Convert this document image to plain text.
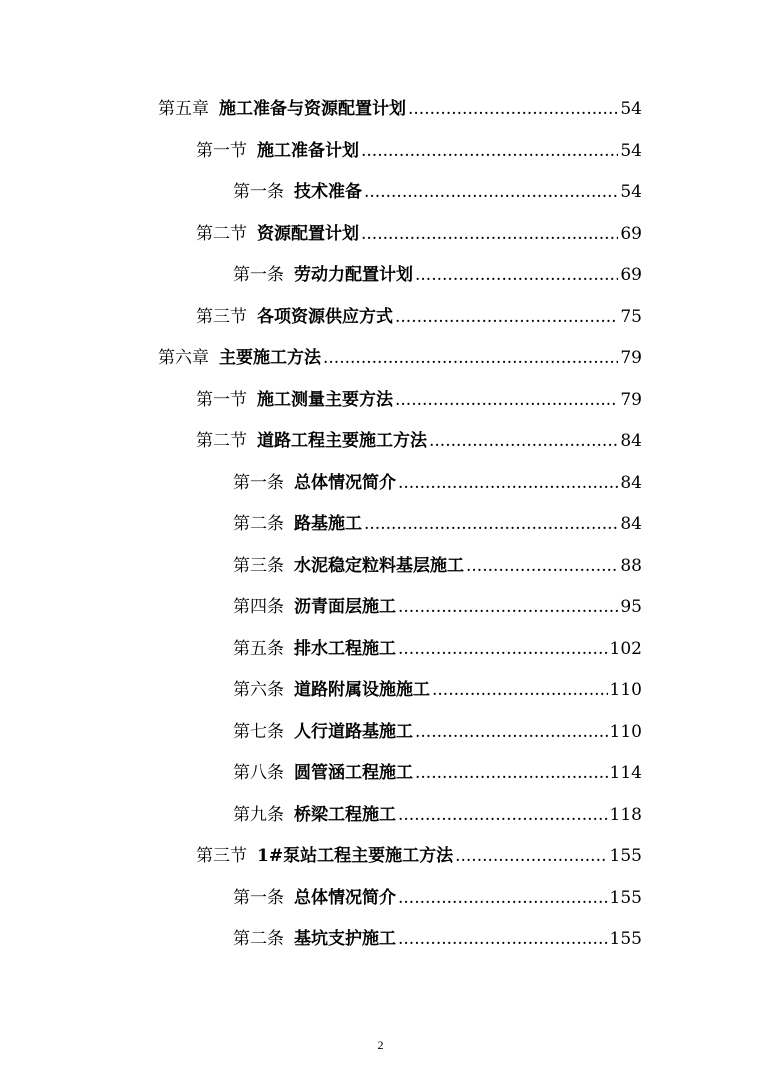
第五章 施工准备与资源配置计划 .....	54
第一节 施工准备计划 .....	54
第一条 技术准备 .....	54
第二节 资源配置计划 .....	69
第一条 劳动力配置计划 .....	69
第三节 各项资源供应方式 .....	75
第六章 主要施工方法 .....	79
第一节 施工测量主要方法 .....	79
第二节 道路工程主要施工方法 .....	84
第一条 总体情况简介 .....	84
第二条 路基施工 .....	84
第三条 水泥稳定粒料基层施工 .....	88
第四条 沥青面层施工 .....	95
第五条 排水工程施工 .....	102
第六条 道路附属设施施工 .....	110
第七条 人行道路基施工 .....	110
第八条 圆管涵工程施工 .....	114
第九条 桥梁工程施工 .....	118
第三节 1#泵站工程主要施工方法 .....	155
第一条 总体情况简介 .....	155
第二条 基坑支护施工 .....	155
2
